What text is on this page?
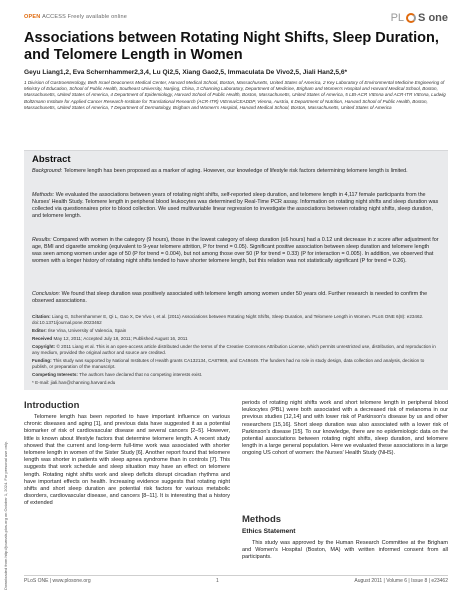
Downloaded from http://journals.plos.org on October 1, 2024. For personal use only.
OPEN ACCESS Freely available online	PL S one
Associations between Rotating Night Shifts, Sleep Duration, and Telomere Length in Women
Geyu Liang1,2, Eva Schernhammer2,3,4, Lu Qi2,5, Xiang Gao2,5, Immaculata De Vivo2,5, Jiali Han2,5,6*
1 Division of Gastroenterology, Beth Israel Deaconess Medical Center, Harvard Medical School, Boston, Massachusetts, United States of America, 2 Key Laboratory of Environmental Medicine Engineering of Ministry of Education, School of Public Health, Southeast University, Nanjing, China, 3 Channing Laboratory, Department of Medicine, Brigham and Women's Hospital and Harvard Medical School, Boston, Massachusetts, United States of America, 4 Department of Epidemiology, Harvard School of Public Health, Boston, Massachusetts, United States of America, 5 LBI-ACR VIEnna and ACR-ITR VIEnna, Ludwig Boltzmann Institute for Applied Cancer Research-Institute for Translational Research (ACR-ITR) VIEnna/CEADDP, Vienna, Austria, 6 Department of Nutrition, Harvard School of Public Health, Boston, Massachusetts, United States of America, 7 Department of Dermatology, Brigham and Women's Hospital, Harvard Medical School, Boston, Massachusetts, United States of America
Abstract

Background: Telomere length has been proposed as a marker of aging. However, our knowledge of lifestyle risk factors determining telomere length is limited.

Methods: We evaluated the associations between years of rotating night shifts, self-reported sleep duration, and telomere length in 4,117 female participants from the Nurses' Health Study. Telomere length in peripheral blood leukocytes was determined by Real-Time PCR assay. Information on rotating night shifts and sleep duration was collected via questionnaires prior to blood collection. We used multivariable linear regression to investigate the associations between rotating night shifts, sleep duration, and telomere length.

Results: Compared with women in the category (9 hours), those in the lowest category of sleep duration (≤6 hours) had a 0.12 unit decrease in z score after adjustment for age, BMI and cigarette smoking (equivalent to 9-year telomere attrition, P for trend = 0.05). Significant positive association between sleep duration and telomere length was seen among women under age of 50 (P for trend = 0.004), but not among those over 50 (P for trend = 0.33) (P for interaction = 0.005). In addition, we observed that women with a longer history of rotating night shifts tended to have shorter telomere length, but this relation was not statistically significant (P for trend = 0.26).

Conclusion: We found that sleep duration was positively associated with telomere length among women under 50 years old. Further research is needed to confirm the observed associations.

Citation: Liang G, Schernhammer E, Qi L, Gao X, De Vivo I, et al. (2011) Associations between Rotating Night Shifts, Sleep Duration, and Telomere Length in Women. PLoS ONE 6(8): e23462. doi:10.1371/journal.pone.0023462

Editor: Ilse Vina, University of Valencia, Spain

Received May 12, 2011; Accepted July 18, 2011; Published August 16, 2011

Copyright: © 2011 Liang et al. This is an open-access article distributed under the terms of the Creative Commons Attribution License, which permits unrestricted use, distribution, and reproduction in any medium, provided the original author and source are credited.

Funding: This study was supported by National Institutes of Health grants CA132134, CA87969, and CA49449. The funders had no role in study design, data collection and analysis, decision to publish, or preparation of the manuscript.

Competing Interests: The authors have declared that no competing interests exist.

* E-mail: jiali.han@channing.harvard.edu

Introduction

Telomere length has been reported to have important influence on various chronic diseases and aging [1], and previous data have suggested it as a potential biomarker of risk of cardiovascular disease and several cancers [2–5]. However, little is known about lifestyle factors that determine telomere length. A recent study showed that the current and long-term full-time work was associated with shorter telomere length in women of the Sister Study [6]. Another report found that telomere length was shorter in patients with sleep apnea syndrome than in controls [7]. This suggests that work schedule and sleep situation may have an effect on telomere length. Rotating night shifts work and sleep deficits disrupt circadian rhythms and have important effects on health. Increasing evidence suggests that rotating night shifts and short sleep duration are potential risk factors for various metabolic disorders, cardiovascular disease, and cancers [8–11]. It is interesting that a history of extended

periods of rotating night shifts work and short telomere length in peripheral blood leukocytes (PBL) were both associated with a decreased risk of melanoma in our previous studies [12,14] and with lower risk of Parkinson's disease by us and other researchers [15,16]. Short sleep duration was also associated with a lower risk of Parkinson's disease [15]. To our knowledge, there are no epidemiologic data on the potential associations between rotating night shifts, sleep duration, and telomere length in a large general population. Here we evaluated these associations in a large ongoing US cohort of women: the Nurses' Health Study (NHS).

Methods
Ethics Statement

This study was approved by the Human Research Committee at the Brigham and Women's Hospital (Boston, MA) with written informed consent from all participants.

PLoS ONE | www.plosone.org	1	August 2011 | Volume 6 | Issue 8 | e23462
